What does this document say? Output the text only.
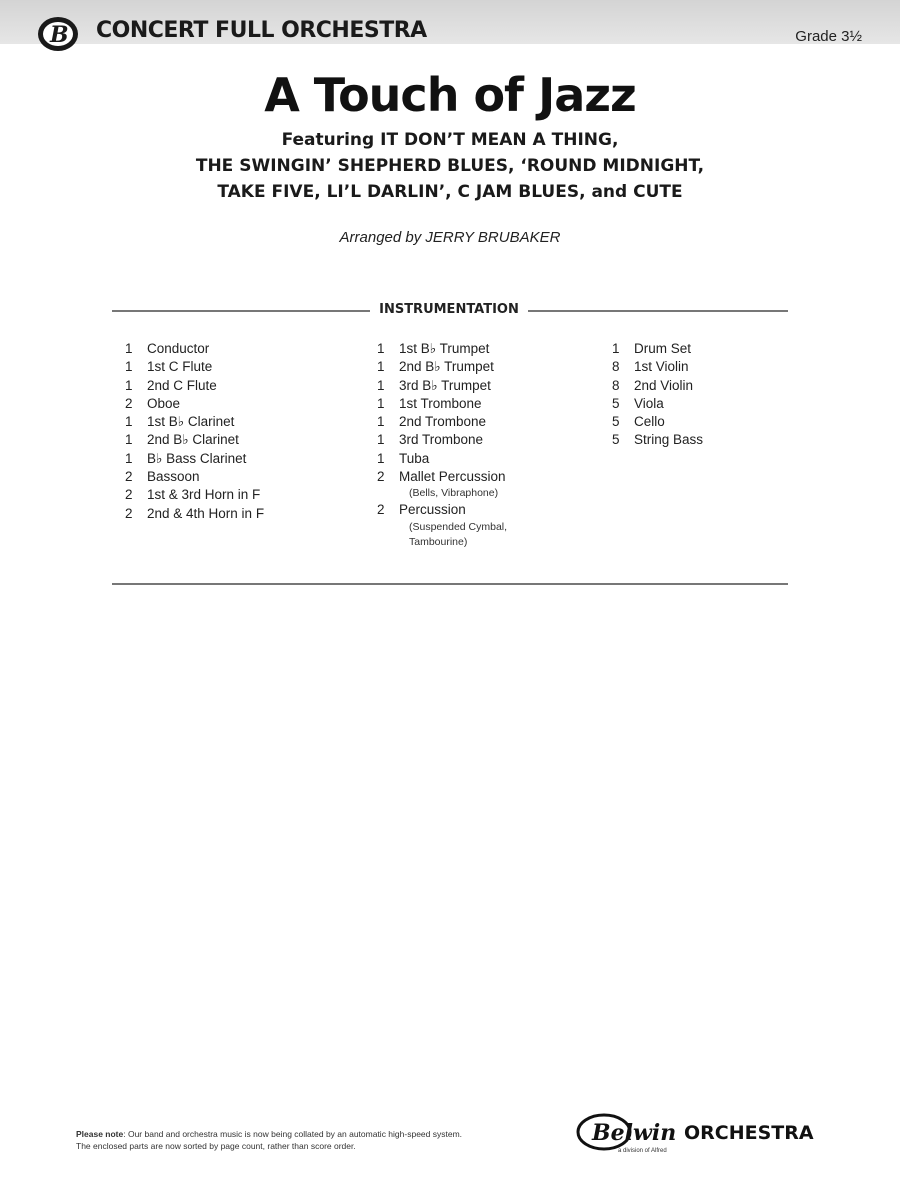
B CONCERT FULL ORCHESTRA	Grade 3½
A Touch of Jazz
Featuring IT DON’T MEAN A THING,
THE SWINGIN’ SHEPHERD BLUES, ‘ROUND MIDNIGHT,
TAKE FIVE, LI’L DARLIN’, C JAM BLUES, and CUTE
Arranged by JERRY BRUBAKER
INSTRUMENTATION
1 Conductor
1 1st C Flute
1 2nd C Flute
2 Oboe
1 1st B♭ Clarinet
1 2nd B♭ Clarinet
1 B♭ Bass Clarinet
2 Bassoon
2 1st & 3rd Horn in F
2 2nd & 4th Horn in F
1 1st B♭ Trumpet
1 2nd B♭ Trumpet
1 3rd B♭ Trumpet
1 1st Trombone
1 2nd Trombone
1 3rd Trombone
1 Tuba
2 Mallet Percussion
(Bells, Vibraphone)
2 Percussion
(Suspended Cymbal,
Tambourine)
1 Drum Set
8 1st Violin
8 2nd Violin
5 Viola
5 Cello
5 String Bass
Please note: Our band and orchestra music is now being collated by an automatic high-speed system.
The enclosed parts are now sorted by page count, rather than score order.	Belwin ORCHESTRA
a division of Alfred
